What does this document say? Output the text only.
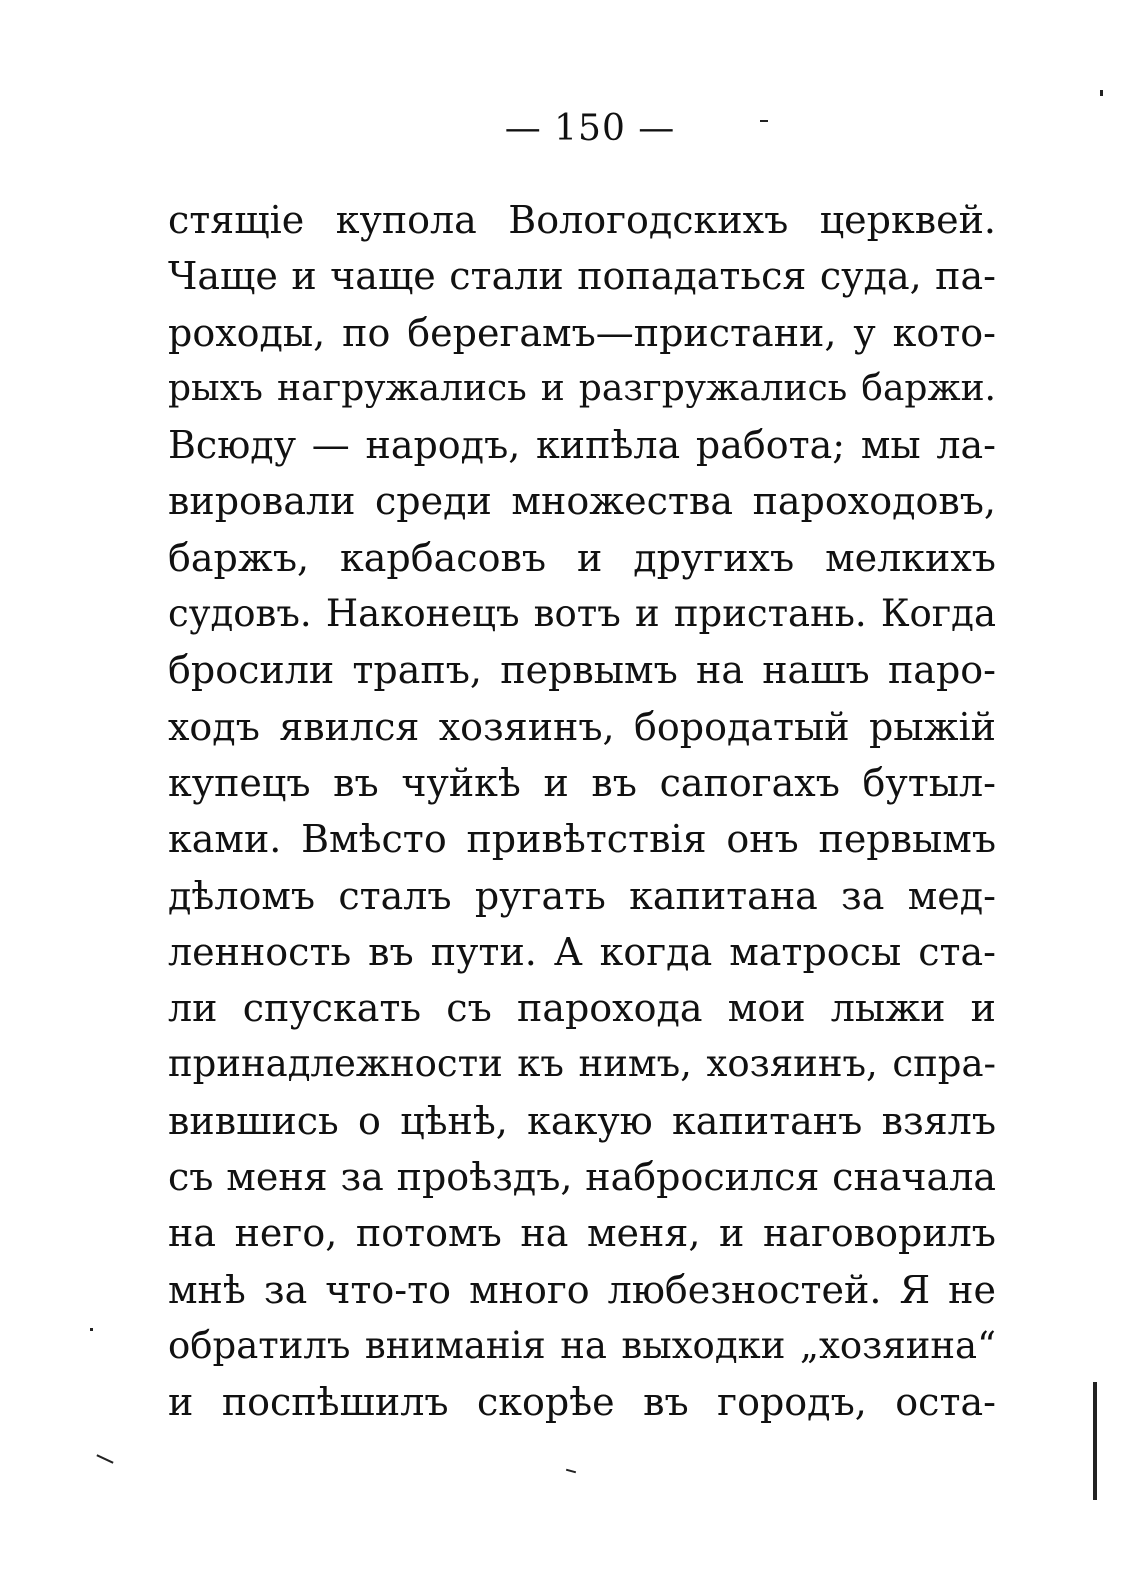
— 150 —
стящіе купола Вологодскихъ церквей.
Чаще и чаще стали попадаться суда, па-
роходы, по берегамъ—пристани, у кото-
рыхъ нагружались и разгружались баржи.
Всюду — народъ, кипѣла работа; мы ла-
вировали среди множества пароходовъ,
баржъ, карбасовъ и другихъ мелкихъ
судовъ. Наконецъ вотъ и пристань. Когда
бросили трапъ, первымъ на нашъ паро-
ходъ явился хозяинъ, бородатый рыжій
купецъ въ чуйкѣ и въ сапогахъ бутыл-
ками. Вмѣсто привѣтствія онъ первымъ
дѣломъ сталъ ругать капитана за мед-
ленность въ пути. А когда матросы ста-
ли спускать съ парохода мои лыжи и
принадлежности къ нимъ, хозяинъ, спра-
вившись о цѣнѣ, какую капитанъ взялъ
съ меня за проѣздъ, набросился сначала
на него, потомъ на меня, и наговорилъ
мнѣ за что-то много любезностей. Я не
обратилъ вниманія на выходки „хозяина“
и поспѣшилъ скорѣе въ городъ, оста-
